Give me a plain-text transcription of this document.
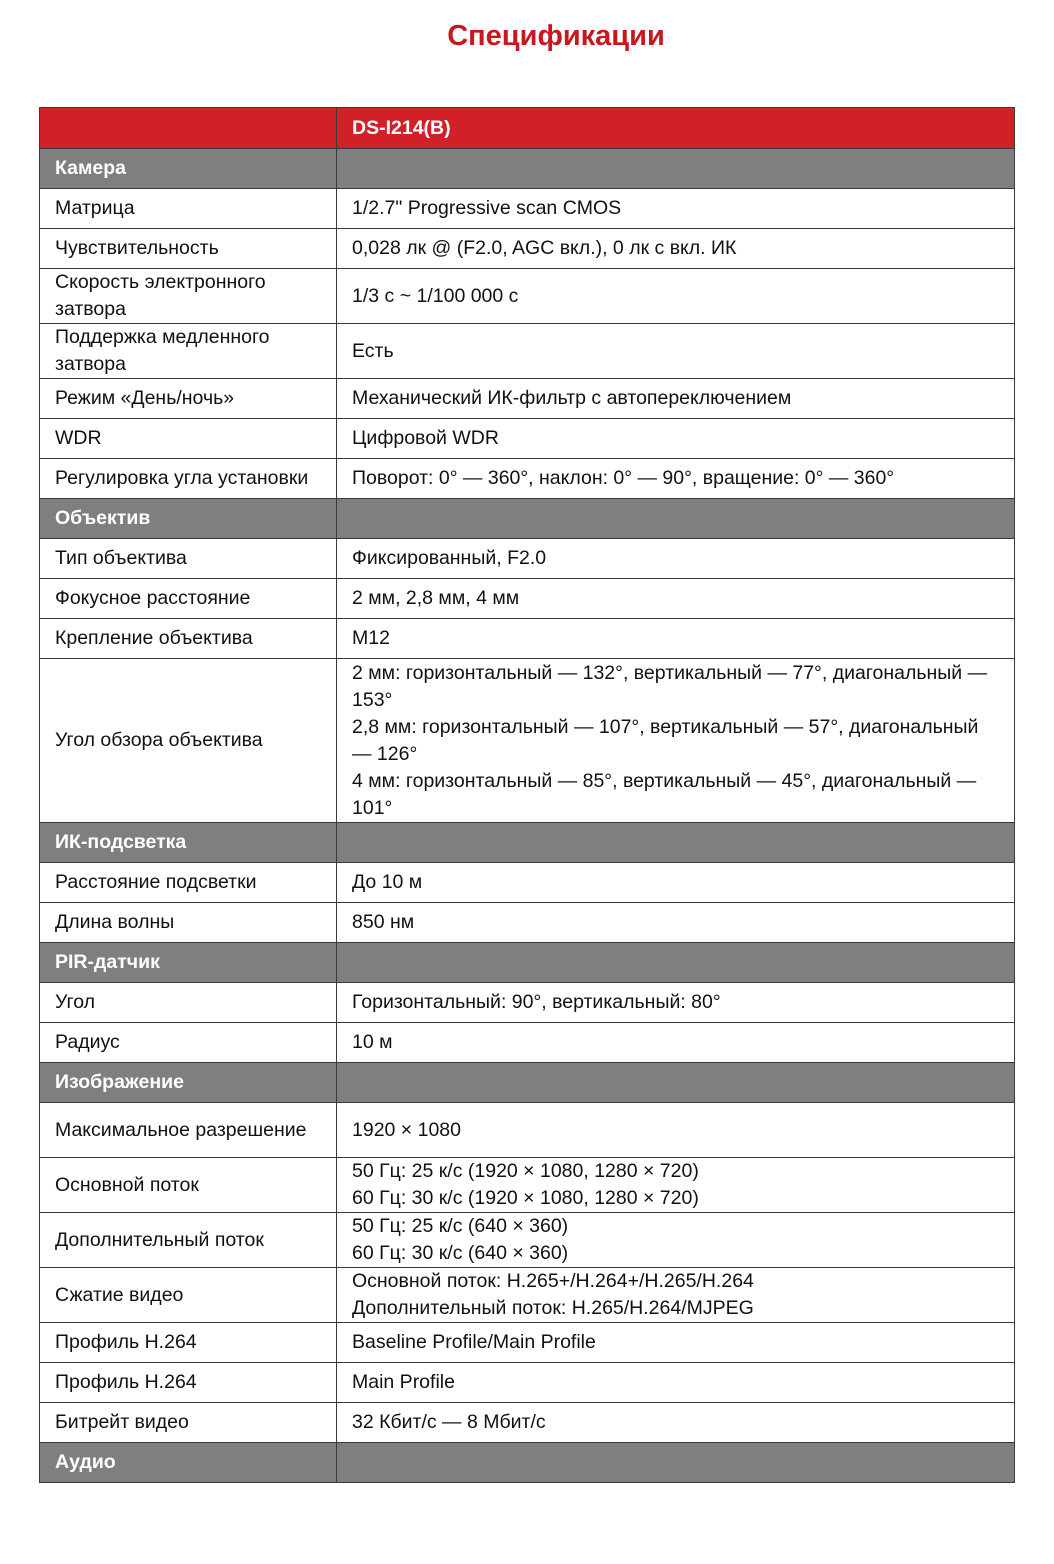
Спецификации
	DS-I214(B)
Камера	
Матрица	1/2.7" Progressive scan CMOS

Чувствительность	0,028 лк @ (F2.0, AGC вкл.), 0 лк с вкл. ИК

Скорость электронного затвора	1/3 с ~ 1/100 000 с

Поддержка медленного затвора	Есть

Режим «День/ночь»	Механический ИК-фильтр с автопереключением

WDR	Цифровой WDR

Регулировка угла установки	Поворот: 0° — 360°, наклон: 0° — 90°, вращение: 0° — 360°

Объектив	
Тип объектива	Фиксированный, F2.0

Фокусное расстояние	2 мм, 2,8 мм, 4 мм

Крепление объектива	M12

Угол обзора объектива	2 мм: горизонтальный — 132°, вертикальный — 77°, диагональный — 153°
2,8 мм: горизонтальный — 107°, вертикальный — 57°, диагональный — 126°
4 мм: горизонтальный — 85°, вертикальный — 45°, диагональный — 101°

ИК-подсветка	
Расстояние подсветки	До 10 м

Длина волны	850 нм

PIR-датчик	
Угол	Горизонтальный: 90°, вертикальный: 80°

Радиус	10 м

Изображение	
Максимальное разрешение	1920 × 1080

Основной поток	50 Гц: 25 к/с (1920 × 1080, 1280 × 720)
60 Гц: 30 к/с (1920 × 1080, 1280 × 720)

Дополнительный поток	50 Гц: 25 к/с (640 × 360)
60 Гц: 30 к/с (640 × 360)

Сжатие видео	Основной поток: H.265+/H.264+/H.265/H.264
Дополнительный поток: H.265/H.264/MJPEG

Профиль H.264	Baseline Profile/Main Profile

Профиль H.264	Main Profile

Битрейт видео	32 Кбит/с — 8 Мбит/с

Аудио	
